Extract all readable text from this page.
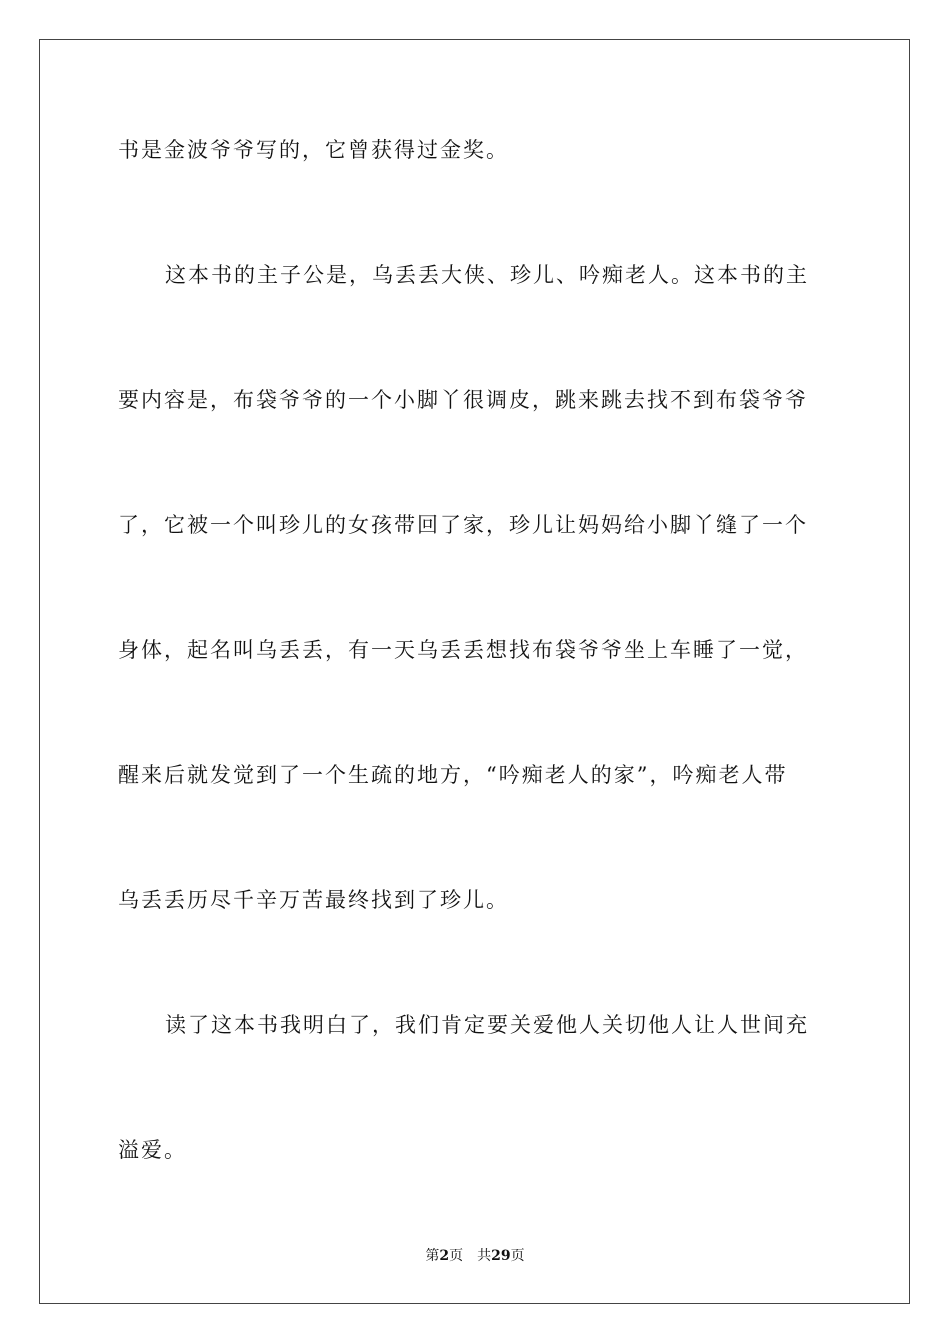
书是金波爷爷写的，它曾获得过金奖。
这本书的主子公是，乌丢丢大侠、珍儿、吟痴老人。这本书的主
要内容是，布袋爷爷的一个小脚丫很调皮，跳来跳去找不到布袋爷爷
了，它被一个叫珍儿的女孩带回了家，珍儿让妈妈给小脚丫缝了一个
身体，起名叫乌丢丢，有一天乌丢丢想找布袋爷爷坐上车睡了一觉，
醒来后就发觉到了一个生疏的地方，“吟痴老人的家”，吟痴老人带
乌丢丢历尽千辛万苦最终找到了珍儿。
读了这本书我明白了，我们肯定要关爱他人关切他人让人世间充
溢爱。
第2页 共29页
